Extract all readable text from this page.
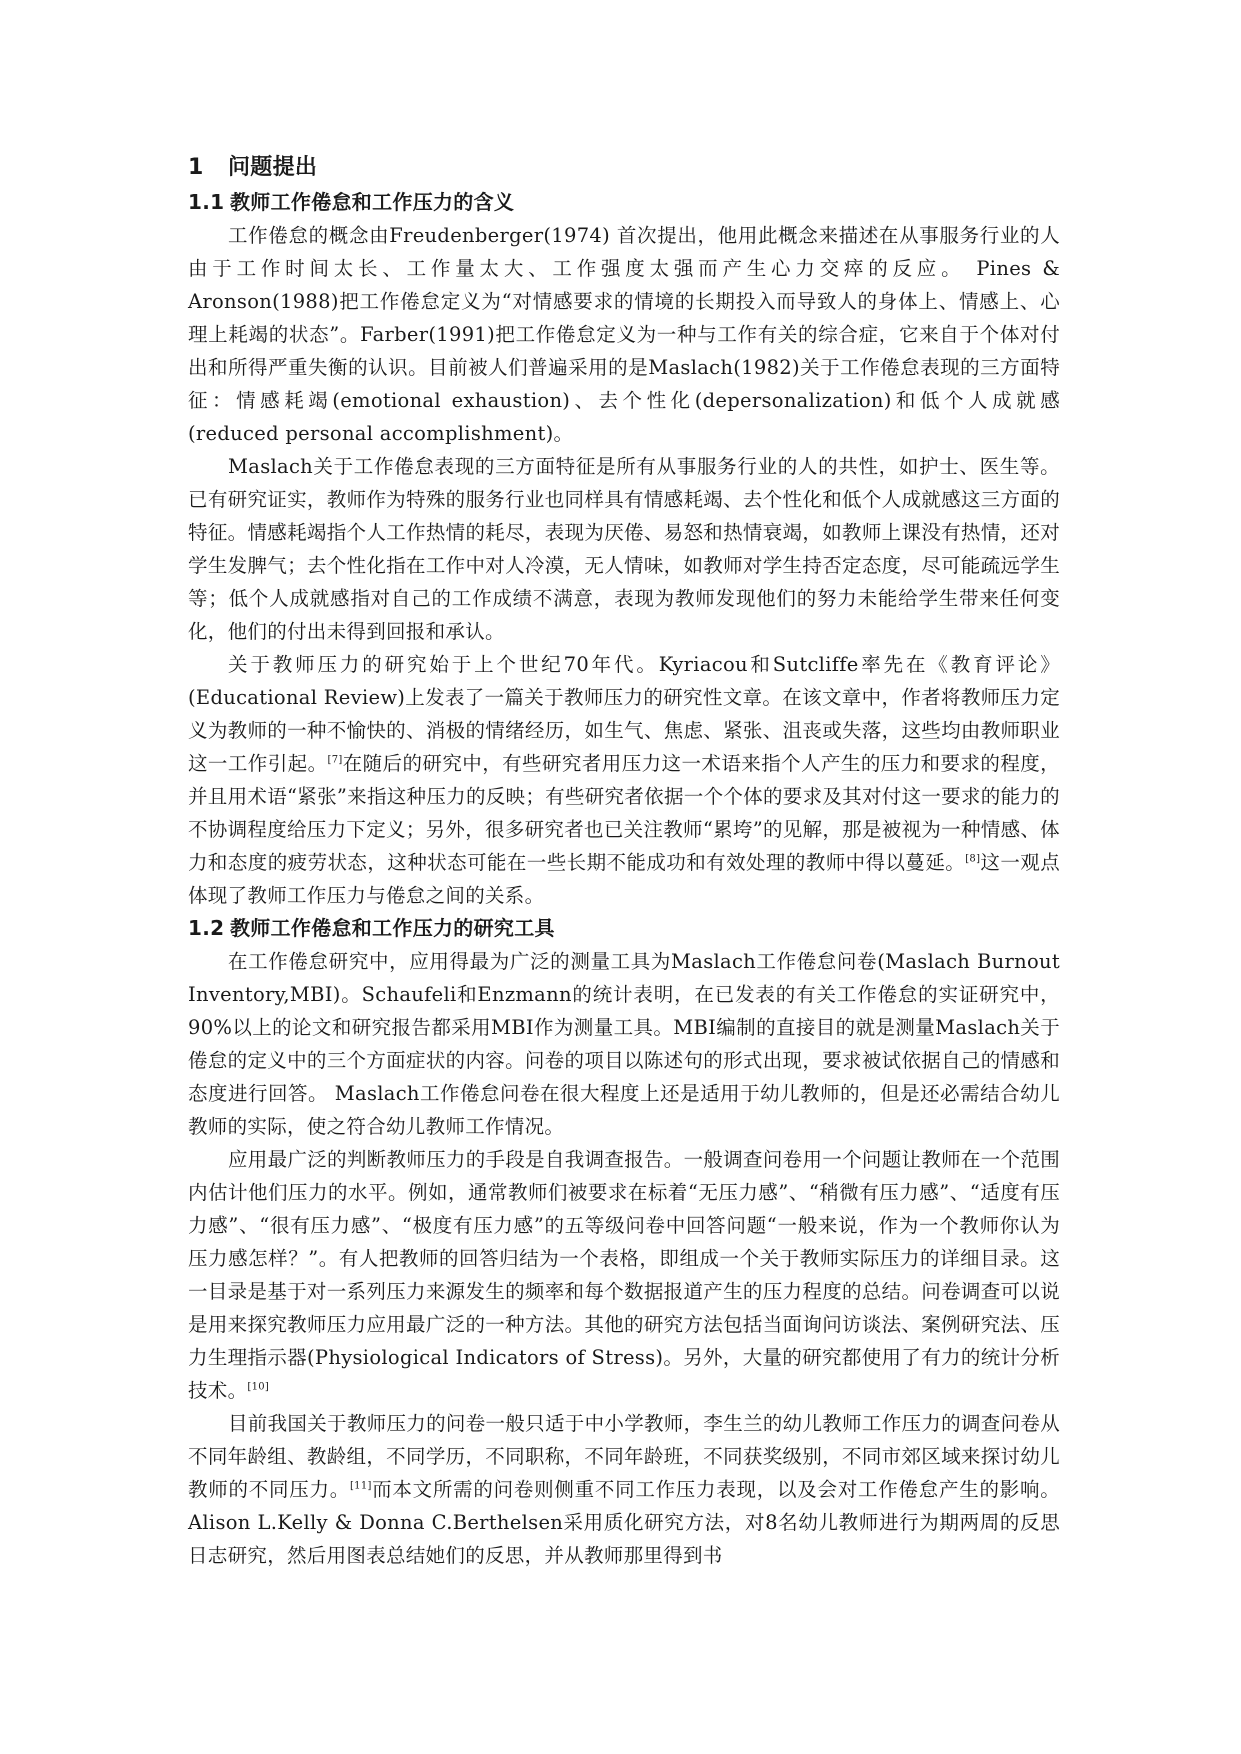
1 问题提出
1.1 教师工作倦怠和工作压力的含义

工作倦怠的概念由Freudenberger(1974) 首次提出，他用此概念来描述在从事服务行业的人由于工作时间太长、工作量太大、工作强度太强而产生心力交瘁的反应。 Pines & Aronson(1988)把工作倦怠定义为“对情感要求的情境的长期投入而导致人的身体上、情感上、心理上耗竭的状态”。Farber(1991)把工作倦怠定义为一种与工作有关的综合症，它来自于个体对付出和所得严重失衡的认识。目前被人们普遍采用的是Maslach(1982)关于工作倦怠表现的三方面特征：情感耗竭(emotional exhaustion)、去个性化(depersonalization)和低个人成就感(reduced personal accomplishment)。

Maslach关于工作倦怠表现的三方面特征是所有从事服务行业的人的共性，如护士、医生等。已有研究证实，教师作为特殊的服务行业也同样具有情感耗竭、去个性化和低个人成就感这三方面的特征。情感耗竭指个人工作热情的耗尽，表现为厌倦、易怒和热情衰竭，如教师上课没有热情，还对学生发脾气；去个性化指在工作中对人冷漠，无人情味，如教师对学生持否定态度，尽可能疏远学生等；低个人成就感指对自己的工作成绩不满意，表现为教师发现他们的努力未能给学生带来任何变化，他们的付出未得到回报和承认。

关于教师压力的研究始于上个世纪70年代。Kyriacou和Sutcliffe率先在《教育评论》(Educational Review)上发表了一篇关于教师压力的研究性文章。在该文章中，作者将教师压力定义为教师的一种不愉快的、消极的情绪经历，如生气、焦虑、紧张、沮丧或失落，这些均由教师职业这一工作引起。[7]在随后的研究中，有些研究者用压力这一术语来指个人产生的压力和要求的程度，并且用术语“紧张”来指这种压力的反映；有些研究者依据一个个体的要求及其对付这一要求的能力的不协调程度给压力下定义；另外，很多研究者也已关注教师“累垮”的见解，那是被视为一种情感、体力和态度的疲劳状态，这种状态可能在一些长期不能成功和有效处理的教师中得以蔓延。[8]这一观点体现了教师工作压力与倦怠之间的关系。

1.2 教师工作倦怠和工作压力的研究工具

在工作倦怠研究中，应用得最为广泛的测量工具为Maslach工作倦怠问卷(Maslach Burnout Inventory,MBI)。Schaufeli和Enzmann的统计表明，在已发表的有关工作倦怠的实证研究中，90%以上的论文和研究报告都采用MBI作为测量工具。MBI编制的直接目的就是测量Maslach关于倦怠的定义中的三个方面症状的内容。问卷的项目以陈述句的形式出现，要求被试依据自己的情感和态度进行回答。 Maslach工作倦怠问卷在很大程度上还是适用于幼儿教师的，但是还必需结合幼儿教师的实际，使之符合幼儿教师工作情况。

应用最广泛的判断教师压力的手段是自我调查报告。一般调查问卷用一个问题让教师在一个范围内估计他们压力的水平。例如，通常教师们被要求在标着“无压力感”、“稍微有压力感”、“适度有压力感”、“很有压力感”、“极度有压力感”的五等级问卷中回答问题“一般来说，作为一个教师你认为压力感怎样？”。有人把教师的回答归结为一个表格，即组成一个关于教师实际压力的详细目录。这一目录是基于对一系列压力来源发生的频率和每个数据报道产生的压力程度的总结。问卷调查可以说是用来探究教师压力应用最广泛的一种方法。其他的研究方法包括当面询问访谈法、案例研究法、压力生理指示器(Physiological Indicators of Stress)。另外，大量的研究都使用了有力的统计分析技术。[10]

目前我国关于教师压力的问卷一般只适于中小学教师，李生兰的幼儿教师工作压力的调查问卷从不同年龄组、教龄组，不同学历，不同职称，不同年龄班，不同获奖级别，不同市郊区域来探讨幼儿教师的不同压力。[11]而本文所需的问卷则侧重不同工作压力表现，以及会对工作倦怠产生的影响。Alison L.Kelly & Donna C.Berthelsen采用质化研究方法，对8名幼儿教师进行为期两周的反思日志研究，然后用图表总结她们的反思，并从教师那里得到书
